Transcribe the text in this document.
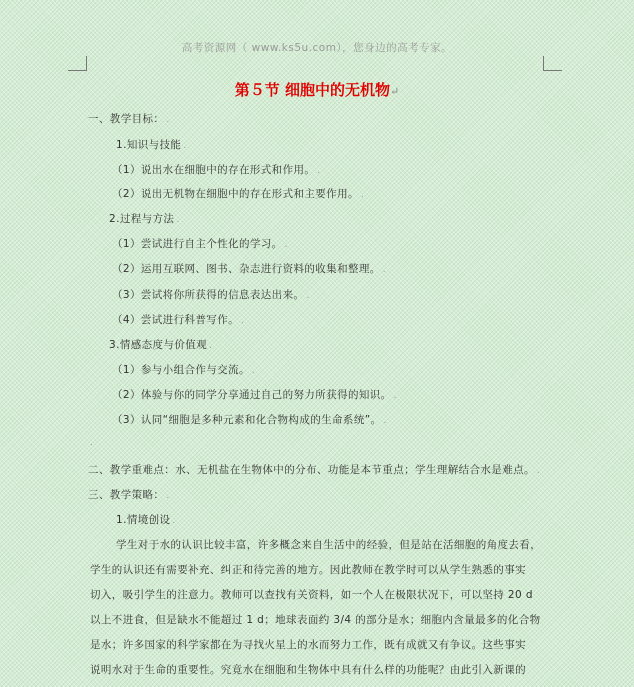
高考资源网（ www.ks5u.com），您身边的高考专家。
第５节 细胞中的无机物↵
一、教学目标： .
1.知识与技能 .
（1）说出水在细胞中的存在形式和作用。 .
（2）说出无机物在细胞中的存在形式和主要作用。 .
2.过程与方法 .
（1）尝试进行自主个性化的学习。 .
（2）运用互联网、图书、杂志进行资料的收集和整理。 .
（3）尝试将你所获得的信息表达出来。 .
（4）尝试进行科普写作。 .
3.情感态度与价值观 .
（1）参与小组合作与交流。 .
（2）体验与你的同学分享通过自己的努力所获得的知识。 .
（3）认同“细胞是多种元素和化合物构成的生命系统”。 .
.
二、教学重难点：水、无机盐在生物体中的分布、功能是本节重点；学生理解结合水是难点。 .
三、教学策略： .
1.情境创设 .
学生对于水的认识比较丰富，许多概念来自生活中的经验，但是站在活细胞的角度去看，
学生的认识还有需要补充、纠正和待完善的地方。因此教师在教学时可以从学生熟悉的事实
切入，吸引学生的注意力。教师可以查找有关资料，如一个人在极限状况下，可以坚持 20 d
以上不进食，但是缺水不能超过 1 d；地球表面约 3/4 的部分是水；细胞内含量最多的化合物
是水；许多国家的科学家都在为寻找火星上的水而努力工作，既有成就又有争议。这些事实
说明水对于生命的重要性。究竟水在细胞和生物体中具有什么样的功能呢？由此引入新课的
